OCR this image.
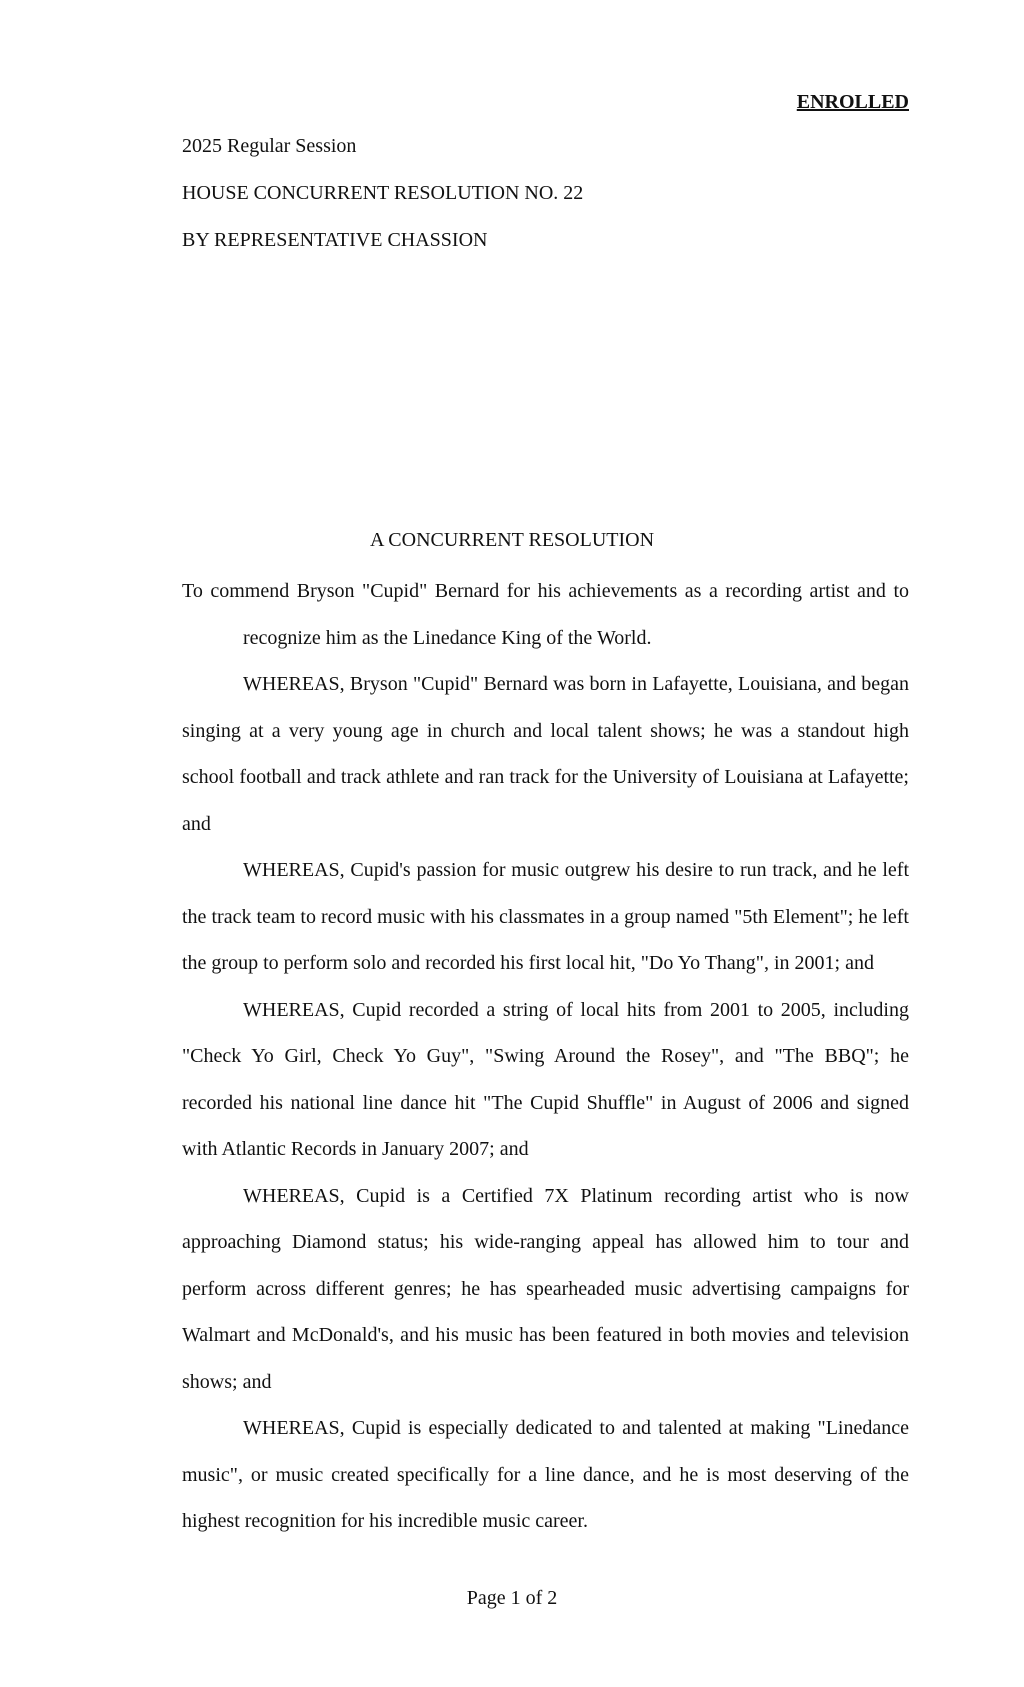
ENROLLED
2025 Regular Session
HOUSE CONCURRENT RESOLUTION NO. 22
BY REPRESENTATIVE CHASSION
A CONCURRENT RESOLUTION

To commend Bryson "Cupid" Bernard for his achievements as a recording artist and to recognize him as the Linedance King of the World.

WHEREAS, Bryson "Cupid" Bernard was born in Lafayette, Louisiana, and began singing at a very young age in church and local talent shows; he was a standout high school football and track athlete and ran track for the University of Louisiana at Lafayette; and

WHEREAS, Cupid's passion for music outgrew his desire to run track, and he left the track team to record music with his classmates in a group named "5th Element"; he left the group to perform solo and recorded his first local hit, "Do Yo Thang", in 2001; and

WHEREAS, Cupid recorded a string of local hits from 2001 to 2005, including "Check Yo Girl, Check Yo Guy", "Swing Around the Rosey", and "The BBQ"; he recorded his national line dance hit "The Cupid Shuffle" in August of 2006 and signed with Atlantic Records in January 2007; and

WHEREAS, Cupid is a Certified 7X Platinum recording artist who is now approaching Diamond status; his wide-ranging appeal has allowed him to tour and perform across different genres; he has spearheaded music advertising campaigns for Walmart and McDonald's, and his music has been featured in both movies and television shows; and

WHEREAS, Cupid is especially dedicated to and talented at making "Linedance music", or music created specifically for a line dance, and he is most deserving of the highest recognition for his incredible music career.

Page 1 of 2
